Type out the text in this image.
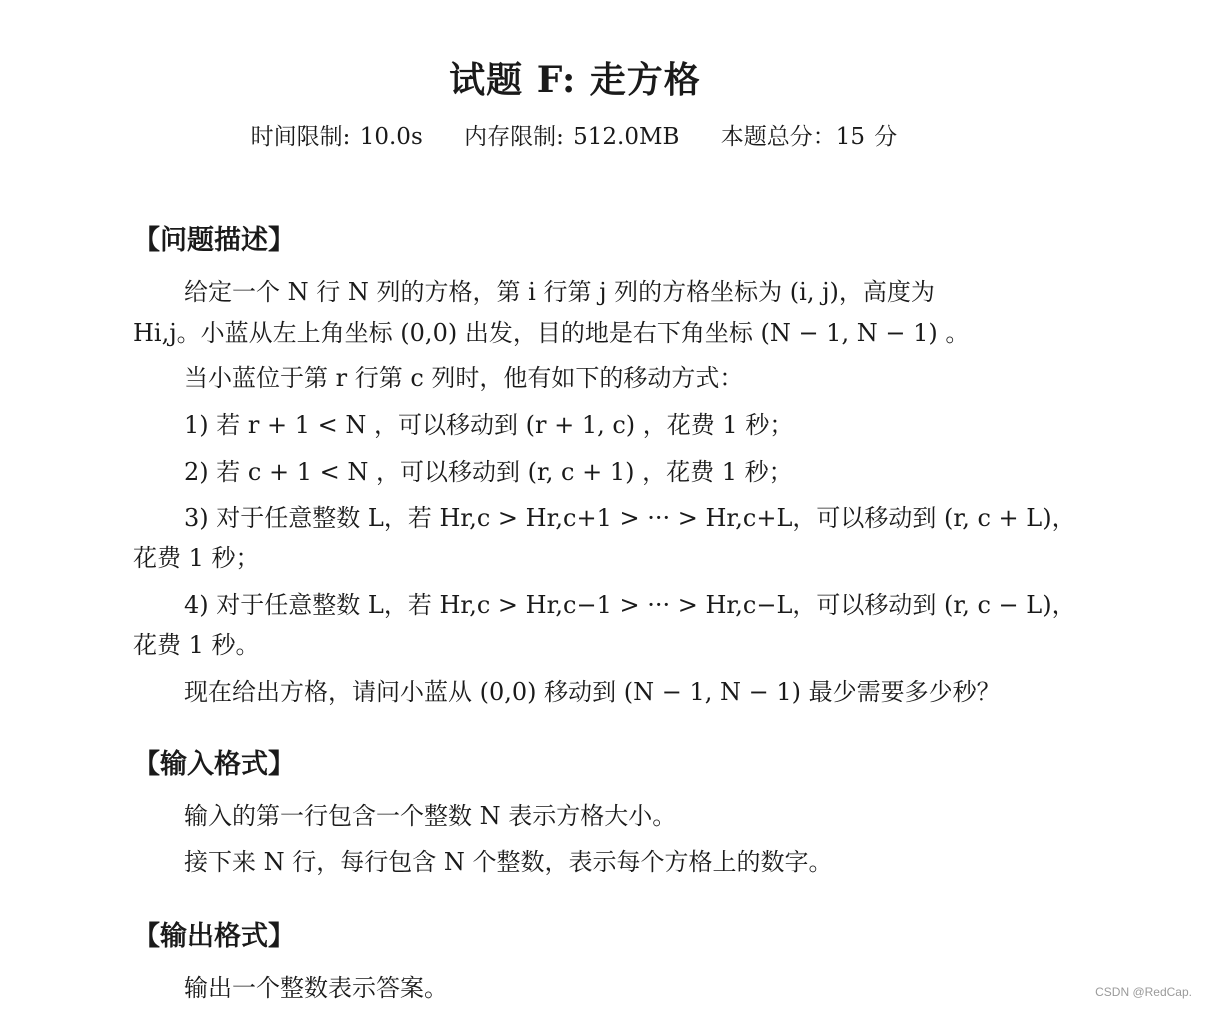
试题 F: 走方格
时间限制: 10.0s 内存限制: 512.0MB 本题总分：15 分
【问题描述】
给定一个 N 行 N 列的方格，第 i 行第 j 列的方格坐标为 (i, j)，高度为
Hi,j。小蓝从左上角坐标 (0,0) 出发，目的地是右下角坐标 (N − 1, N − 1) 。
当小蓝位于第 r 行第 c 列时，他有如下的移动方式：
1) 若 r + 1 < N ，可以移动到 (r + 1, c) ，花费 1 秒；
2) 若 c + 1 < N ，可以移动到 (r, c + 1) ，花费 1 秒；
3) 对于任意整数 L，若 Hr,c > Hr,c+1 > ··· > Hr,c+L，可以移动到 (r, c + L)，
花费 1 秒；
4) 对于任意整数 L，若 Hr,c > Hr,c−1 > ··· > Hr,c−L，可以移动到 (r, c − L)，
花费 1 秒。
现在给出方格，请问小蓝从 (0,0) 移动到 (N − 1, N − 1) 最少需要多少秒？
【输入格式】
输入的第一行包含一个整数 N 表示方格大小。
接下来 N 行，每行包含 N 个整数，表示每个方格上的数字。
【输出格式】
输出一个整数表示答案。	CSDN @RedCap.
